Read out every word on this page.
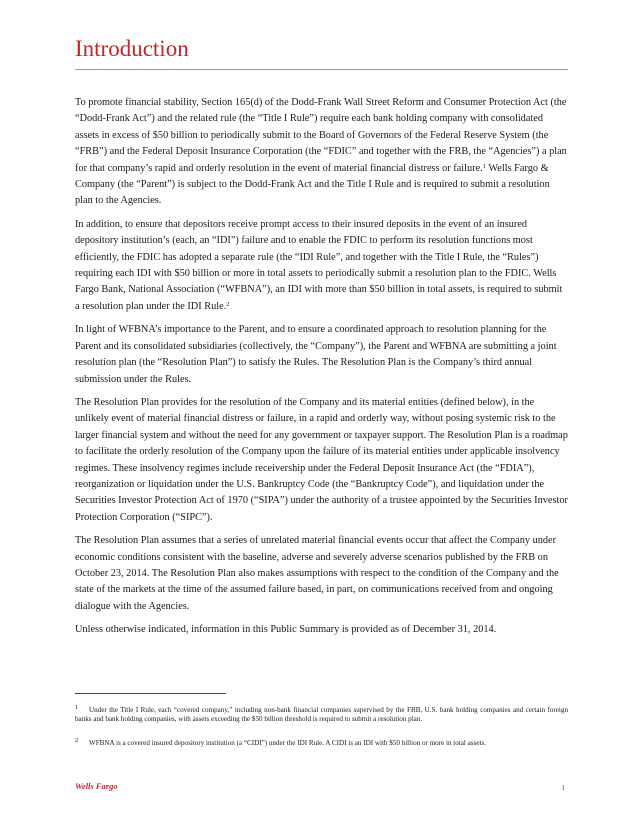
Introduction

To promote financial stability, Section 165(d) of the Dodd-Frank Wall Street Reform and Consumer Protection Act (the “Dodd-Frank Act”) and the related rule (the “Title I Rule”) require each bank holding company with consolidated assets in excess of $50 billion to periodically submit to the Board of Governors of the Federal Reserve System (the “FRB”) and the Federal Deposit Insurance Corporation (the “FDIC” and together with the FRB, the “Agencies”) a plan for that company’s rapid and orderly resolution in the event of material financial distress or failure.$^1$ Wells Fargo & Company (the “Parent”) is subject to the Dodd-Frank Act and the Title I Rule and is required to submit a resolution plan to the Agencies.

In addition, to ensure that depositors receive prompt access to their insured deposits in the event of an insured depository institution’s (each, an “IDI”) failure and to enable the FDIC to perform its resolution functions most efficiently, the FDIC has adopted a separate rule (the “IDI Rule”, and together with the Title I Rule, the “Rules”) requiring each IDI with $50 billion or more in total assets to periodically submit a resolution plan to the FDIC. Wells Fargo Bank, National Association (“WFBNA”), an IDI with more than $50 billion in total assets, is required to submit a resolution plan under the IDI Rule.$^2$

In light of WFBNA’s importance to the Parent, and to ensure a coordinated approach to resolution planning for the Parent and its consolidated subsidiaries (collectively, the “Company”), the Parent and WFBNA are submitting a joint resolution plan (the “Resolution Plan”) to satisfy the Rules. The Resolution Plan is the Company’s third annual submission under the Rules.

The Resolution Plan provides for the resolution of the Company and its material entities (defined below), in the unlikely event of material financial distress or failure, in a rapid and orderly way, without posing systemic risk to the larger financial system and without the need for any government or taxpayer support. The Resolution Plan is a roadmap to facilitate the orderly resolution of the Company upon the failure of its material entities under applicable insolvency regimes. These insolvency regimes include receivership under the Federal Deposit Insurance Act (the “FDIA”), reorganization or liquidation under the U.S. Bankruptcy Code (the “Bankruptcy Code”), and liquidation under the Securities Investor Protection Act of 1970 (“SIPA”) under the authority of a trustee appointed by the Securities Investor Protection Corporation (“SIPC”).

The Resolution Plan assumes that a series of unrelated material financial events occur that affect the Company under economic conditions consistent with the baseline, adverse and severely adverse scenarios published by the FRB on October 23, 2014. The Resolution Plan also makes assumptions with respect to the condition of the Company and the state of the markets at the time of the assumed failure based, in part, on communications received from and ongoing dialogue with the Agencies.

Unless otherwise indicated, information in this Public Summary is provided as of December 31, 2014.

$^1$ Under the Title I Rule, each “covered company,” including non-bank financial companies supervised by the FRB, U.S. bank holding companies and certain foreign banks and bank holding companies, with assets exceeding the $50 billion threshold is required to submit a resolution plan.
$^2$ WFBNA is a covered insured depository institution (a “CIDI”) under the IDI Rule. A CIDI is an IDI with $50 billion or more in total assets.
Wells Fargo	1
